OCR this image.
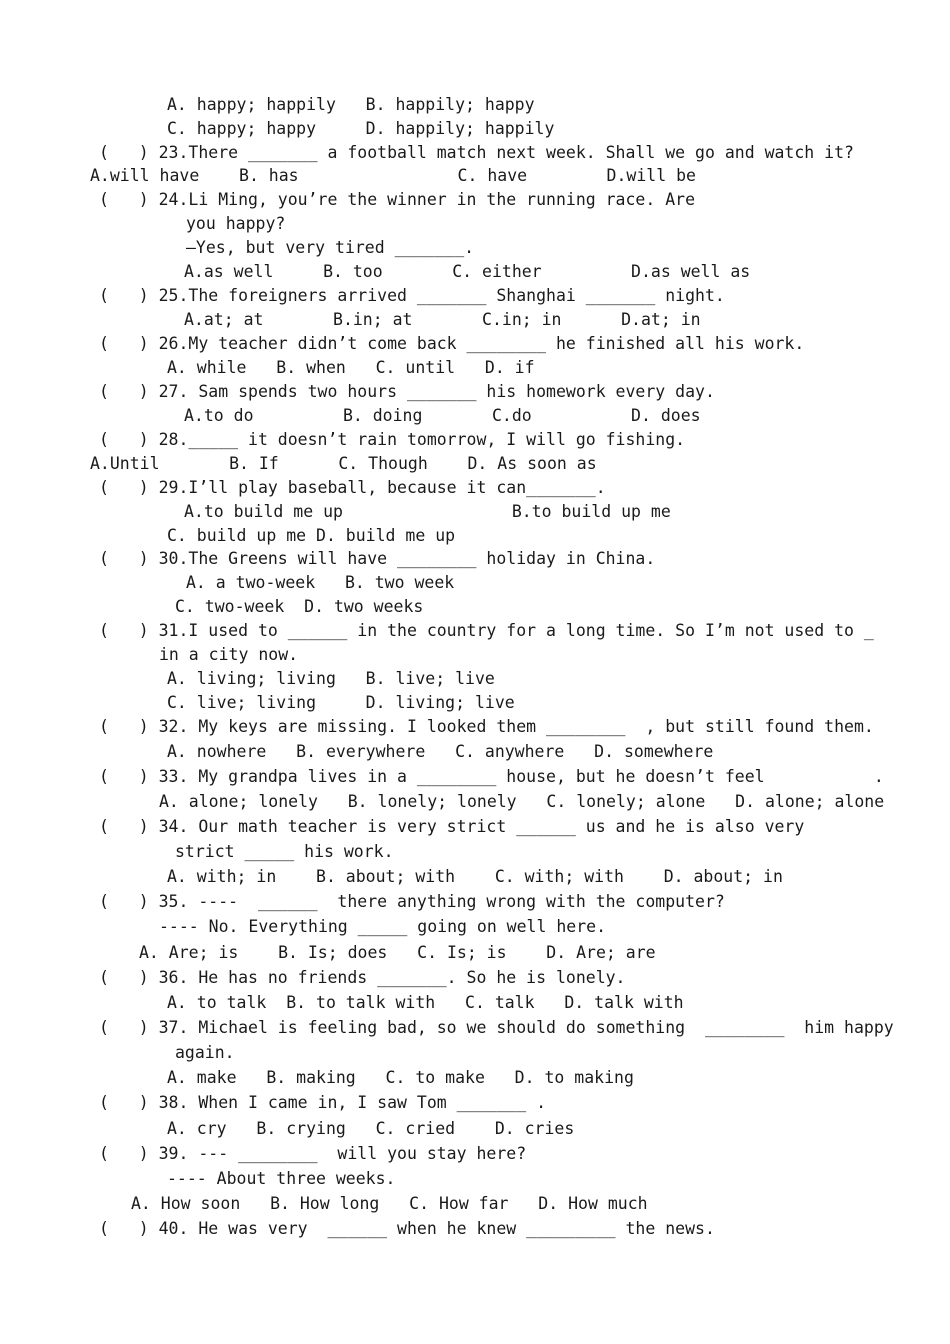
A. happy; happily   B. happily; happy
C. happy; happy     D. happily; happily
(   ) 23.There _______ a football match next week. Shall we go and watch it?
A.will have    B. has                C. have        D.will be
(   ) 24.Li Ming, you’re the winner in the running race. Are
you happy?
—Yes, but very tired _______.
A.as well     B. too       C. either         D.as well as
(   ) 25.The foreigners arrived _______ Shanghai _______ night.
A.at; at       B.in; at       C.in; in      D.at; in
(   ) 26.My teacher didn’t come back ________ he finished all his work.
A. while   B. when   C. until   D. if
(   ) 27. Sam spends two hours _______ his homework every day.
A.to do         B. doing       C.do          D. does
(   ) 28._____ it doesn’t rain tomorrow, I will go fishing.
A.Until       B. If      C. Though    D. As soon as
(   ) 29.I’ll play baseball, because it can_______.
A.to build me up                 B.to build up me
C. build up me D. build me up
(   ) 30.The Greens will have ________ holiday in China.
A. a two-week   B. two week
C. two-week  D. two weeks
(   ) 31.I used to ______ in the country for a long time. So I’m not used to _
in a city now.
A. living; living   B. live; live
C. live; living     D. living; live
(   ) 32. My keys are missing. I looked them ________  , but still found them.
A. nowhere   B. everywhere   C. anywhere   D. somewhere
(   ) 33. My grandpa lives in a ________ house, but he doesn’t feel           .
A. alone; lonely   B. lonely; lonely   C. lonely; alone   D. alone; alone
(   ) 34. Our math teacher is very strict ______ us and he is also very
strict _____ his work.
A. with; in    B. about; with    C. with; with    D. about; in
(   ) 35. ----  ______  there anything wrong with the computer?
---- No. Everything _____ going on well here.
A. Are; is    B. Is; does   C. Is; is    D. Are; are
(   ) 36. He has no friends _______. So he is lonely.
A. to talk  B. to talk with   C. talk   D. talk with
(   ) 37. Michael is feeling bad, so we should do something  ________  him happy
again.
A. make   B. making   C. to make   D. to making
(   ) 38. When I came in, I saw Tom _______ .
A. cry   B. crying   C. cried    D. cries
(   ) 39. --- ________  will you stay here?
---- About three weeks.
A. How soon   B. How long   C. How far   D. How much
(   ) 40. He was very  ______ when he knew _________ the news.
